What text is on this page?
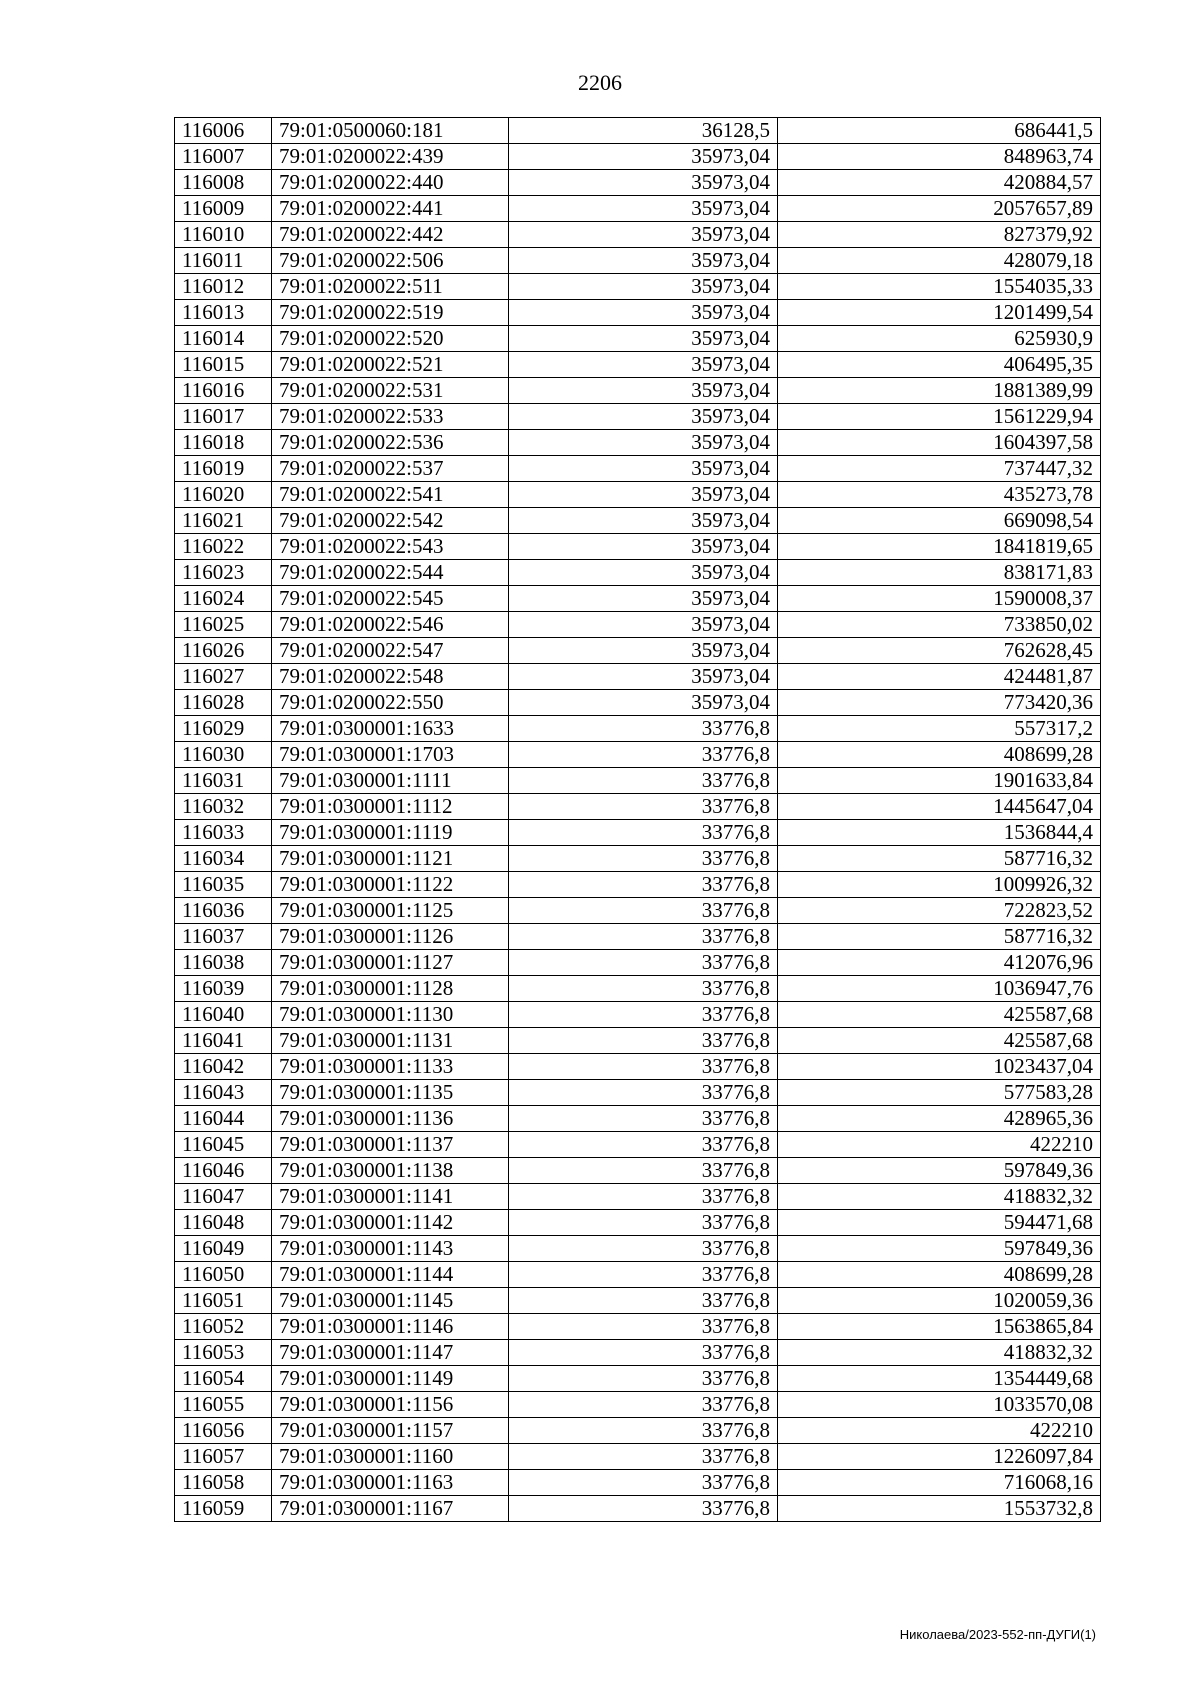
2206
116006	79:01:0500060:181	36128,5	686441,5
116007	79:01:0200022:439	35973,04	848963,74
116008	79:01:0200022:440	35973,04	420884,57
116009	79:01:0200022:441	35973,04	2057657,89
116010	79:01:0200022:442	35973,04	827379,92
116011	79:01:0200022:506	35973,04	428079,18
116012	79:01:0200022:511	35973,04	1554035,33
116013	79:01:0200022:519	35973,04	1201499,54
116014	79:01:0200022:520	35973,04	625930,9
116015	79:01:0200022:521	35973,04	406495,35
116016	79:01:0200022:531	35973,04	1881389,99
116017	79:01:0200022:533	35973,04	1561229,94
116018	79:01:0200022:536	35973,04	1604397,58
116019	79:01:0200022:537	35973,04	737447,32
116020	79:01:0200022:541	35973,04	435273,78
116021	79:01:0200022:542	35973,04	669098,54
116022	79:01:0200022:543	35973,04	1841819,65
116023	79:01:0200022:544	35973,04	838171,83
116024	79:01:0200022:545	35973,04	1590008,37
116025	79:01:0200022:546	35973,04	733850,02
116026	79:01:0200022:547	35973,04	762628,45
116027	79:01:0200022:548	35973,04	424481,87
116028	79:01:0200022:550	35973,04	773420,36
116029	79:01:0300001:1633	33776,8	557317,2
116030	79:01:0300001:1703	33776,8	408699,28
116031	79:01:0300001:1111	33776,8	1901633,84
116032	79:01:0300001:1112	33776,8	1445647,04
116033	79:01:0300001:1119	33776,8	1536844,4
116034	79:01:0300001:1121	33776,8	587716,32
116035	79:01:0300001:1122	33776,8	1009926,32
116036	79:01:0300001:1125	33776,8	722823,52
116037	79:01:0300001:1126	33776,8	587716,32
116038	79:01:0300001:1127	33776,8	412076,96
116039	79:01:0300001:1128	33776,8	1036947,76
116040	79:01:0300001:1130	33776,8	425587,68
116041	79:01:0300001:1131	33776,8	425587,68
116042	79:01:0300001:1133	33776,8	1023437,04
116043	79:01:0300001:1135	33776,8	577583,28
116044	79:01:0300001:1136	33776,8	428965,36
116045	79:01:0300001:1137	33776,8	422210
116046	79:01:0300001:1138	33776,8	597849,36
116047	79:01:0300001:1141	33776,8	418832,32
116048	79:01:0300001:1142	33776,8	594471,68
116049	79:01:0300001:1143	33776,8	597849,36
116050	79:01:0300001:1144	33776,8	408699,28
116051	79:01:0300001:1145	33776,8	1020059,36
116052	79:01:0300001:1146	33776,8	1563865,84
116053	79:01:0300001:1147	33776,8	418832,32
116054	79:01:0300001:1149	33776,8	1354449,68
116055	79:01:0300001:1156	33776,8	1033570,08
116056	79:01:0300001:1157	33776,8	422210
116057	79:01:0300001:1160	33776,8	1226097,84
116058	79:01:0300001:1163	33776,8	716068,16
116059	79:01:0300001:1167	33776,8	1553732,8
Николаева/2023-552-пп-ДУГИ(1)
